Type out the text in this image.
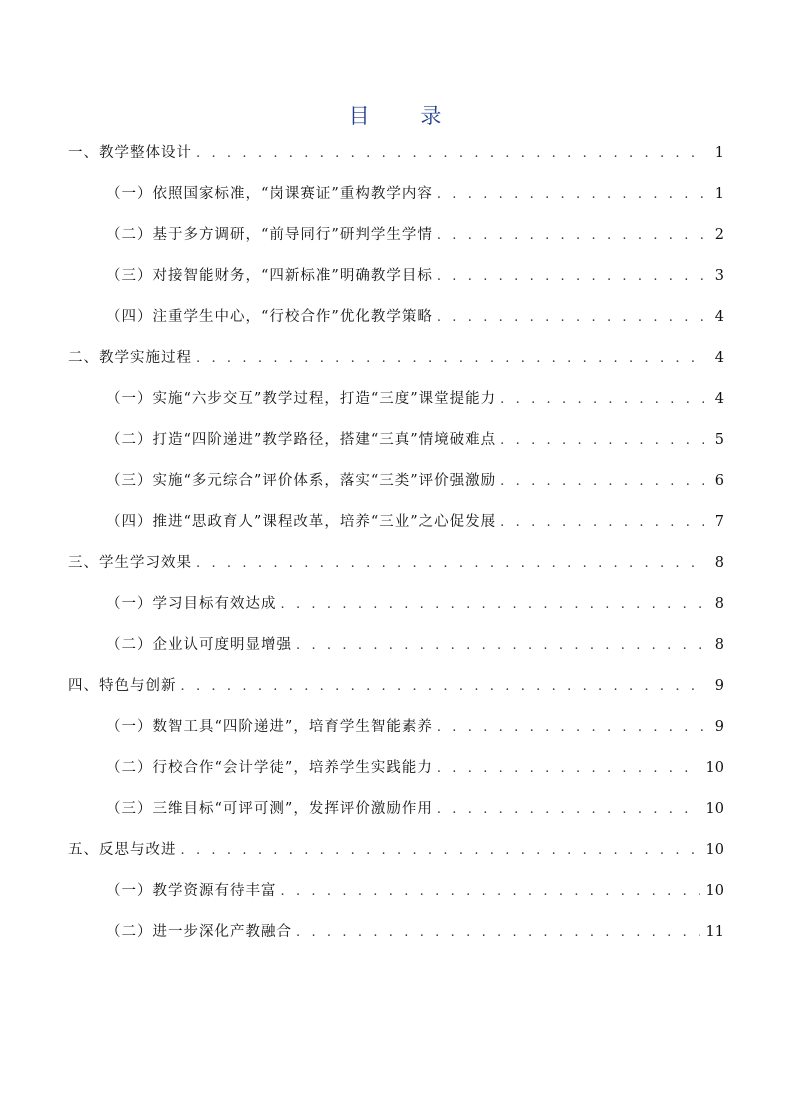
目 录
一、教学整体设计 . . .	1
（一）依照国家标准，“岗课赛证”重构教学内容 . . .	1
（二）基于多方调研，“前导同行”研判学生学情 . . .	2
（三）对接智能财务，“四新标准”明确教学目标 . . .	3
（四）注重学生中心，“行校合作”优化教学策略 . . .	4
二、教学实施过程 . . .	4
（一）实施“六步交互”教学过程，打造“三度”课堂提能力 . . .	4
（二）打造“四阶递进”教学路径，搭建“三真”情境破难点 . . .	5
（三）实施“多元综合”评价体系，落实“三类”评价强激励 . . .	6
（四）推进“思政育人”课程改革，培养“三业”之心促发展 . . .	7
三、学生学习效果 . . .	8
（一）学习目标有效达成 . . .	8
（二）企业认可度明显增强 . . .	8
四、特色与创新 . . .	9
（一）数智工具“四阶递进”，培育学生智能素养 . . .	9
（二）行校合作“会计学徒”，培养学生实践能力 . . .	10
（三）三维目标“可评可测”，发挥评价激励作用 . . .	10
五、反思与改进 . . .	10
（一）教学资源有待丰富 . . .	10
（二）进一步深化产教融合 . . .	11
